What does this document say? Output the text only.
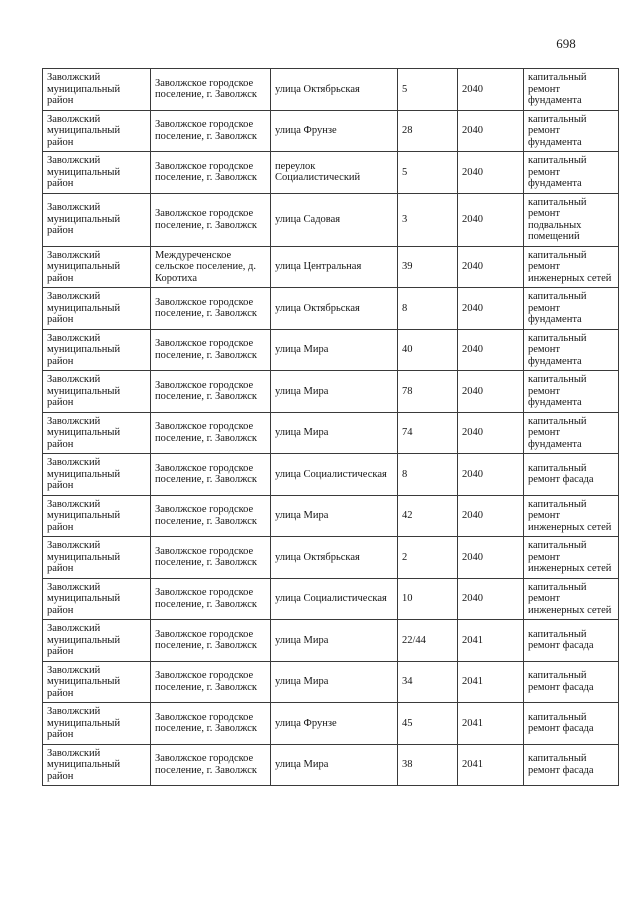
698
Заволжский муниципальный район	Заволжское городское поселение, г. Заволжск	улица Октябрьская	5	2040	капитальный ремонт фундамента
Заволжский муниципальный район	Заволжское городское поселение, г. Заволжск	улица Фрунзе	28	2040	капитальный ремонт фундамента
Заволжский муниципальный район	Заволжское городское поселение, г. Заволжск	переулок Социалистический	5	2040	капитальный ремонт фундамента
Заволжский муниципальный район	Заволжское городское поселение, г. Заволжск	улица Садовая	3	2040	капитальный ремонт подвальных помещений
Заволжский муниципальный район	Междуреченское сельское поселение, д. Коротиха	улица Центральная	39	2040	капитальный ремонт инженерных сетей
Заволжский муниципальный район	Заволжское городское поселение, г. Заволжск	улица Октябрьская	8	2040	капитальный ремонт фундамента
Заволжский муниципальный район	Заволжское городское поселение, г. Заволжск	улица Мира	40	2040	капитальный ремонт фундамента
Заволжский муниципальный район	Заволжское городское поселение, г. Заволжск	улица Мира	78	2040	капитальный ремонт фундамента
Заволжский муниципальный район	Заволжское городское поселение, г. Заволжск	улица Мира	74	2040	капитальный ремонт фундамента
Заволжский муниципальный район	Заволжское городское поселение, г. Заволжск	улица Социалистическая	8	2040	капитальный ремонт фасада
Заволжский муниципальный район	Заволжское городское поселение, г. Заволжск	улица Мира	42	2040	капитальный ремонт инженерных сетей
Заволжский муниципальный район	Заволжское городское поселение, г. Заволжск	улица Октябрьская	2	2040	капитальный ремонт инженерных сетей
Заволжский муниципальный район	Заволжское городское поселение, г. Заволжск	улица Социалистическая	10	2040	капитальный ремонт инженерных сетей
Заволжский муниципальный район	Заволжское городское поселение, г. Заволжск	улица Мира	22/44	2041	капитальный ремонт фасада
Заволжский муниципальный район	Заволжское городское поселение, г. Заволжск	улица Мира	34	2041	капитальный ремонт фасада
Заволжский муниципальный район	Заволжское городское поселение, г. Заволжск	улица Фрунзе	45	2041	капитальный ремонт фасада
Заволжский муниципальный район	Заволжское городское поселение, г. Заволжск	улица Мира	38	2041	капитальный ремонт фасада
